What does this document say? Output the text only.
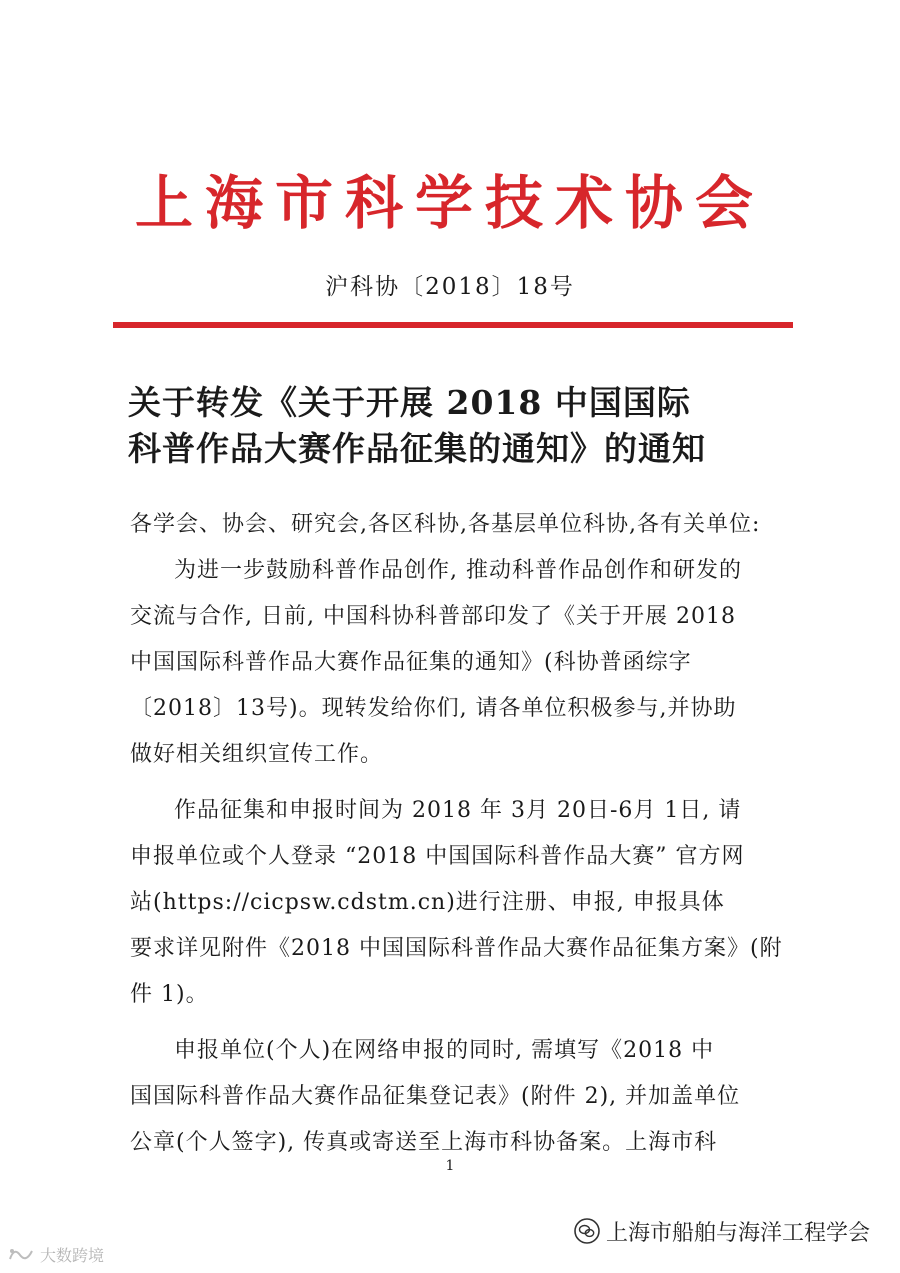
上海市科学技术协会
沪科协〔2018〕18号
关于转发《关于开展 2018 中国国际
科普作品大赛作品征集的通知》的通知
各学会、协会、研究会,各区科协,各基层单位科协,各有关单位:
为进一步鼓励科普作品创作, 推动科普作品创作和研发的
交流与合作, 日前, 中国科协科普部印发了《关于开展 2018
中国国际科普作品大赛作品征集的通知》(科协普函综字
〔2018〕13号)。现转发给你们, 请各单位积极参与,并协助
做好相关组织宣传工作。
作品征集和申报时间为 2018 年 3月 20日-6月 1日, 请
申报单位或个人登录 “2018 中国国际科普作品大赛” 官方网
站(https://cicpsw.cdstm.cn)进行注册、申报, 申报具体
要求详见附件《2018 中国国际科普作品大赛作品征集方案》(附
件 1)。
申报单位(个人)在网络申报的同时, 需填写《2018 中
国国际科普作品大赛作品征集登记表》(附件 2), 并加盖单位
公章(个人签字), 传真或寄送至上海市科协备案。上海市科
1
上海市船舶与海洋工程学会
大数跨境
